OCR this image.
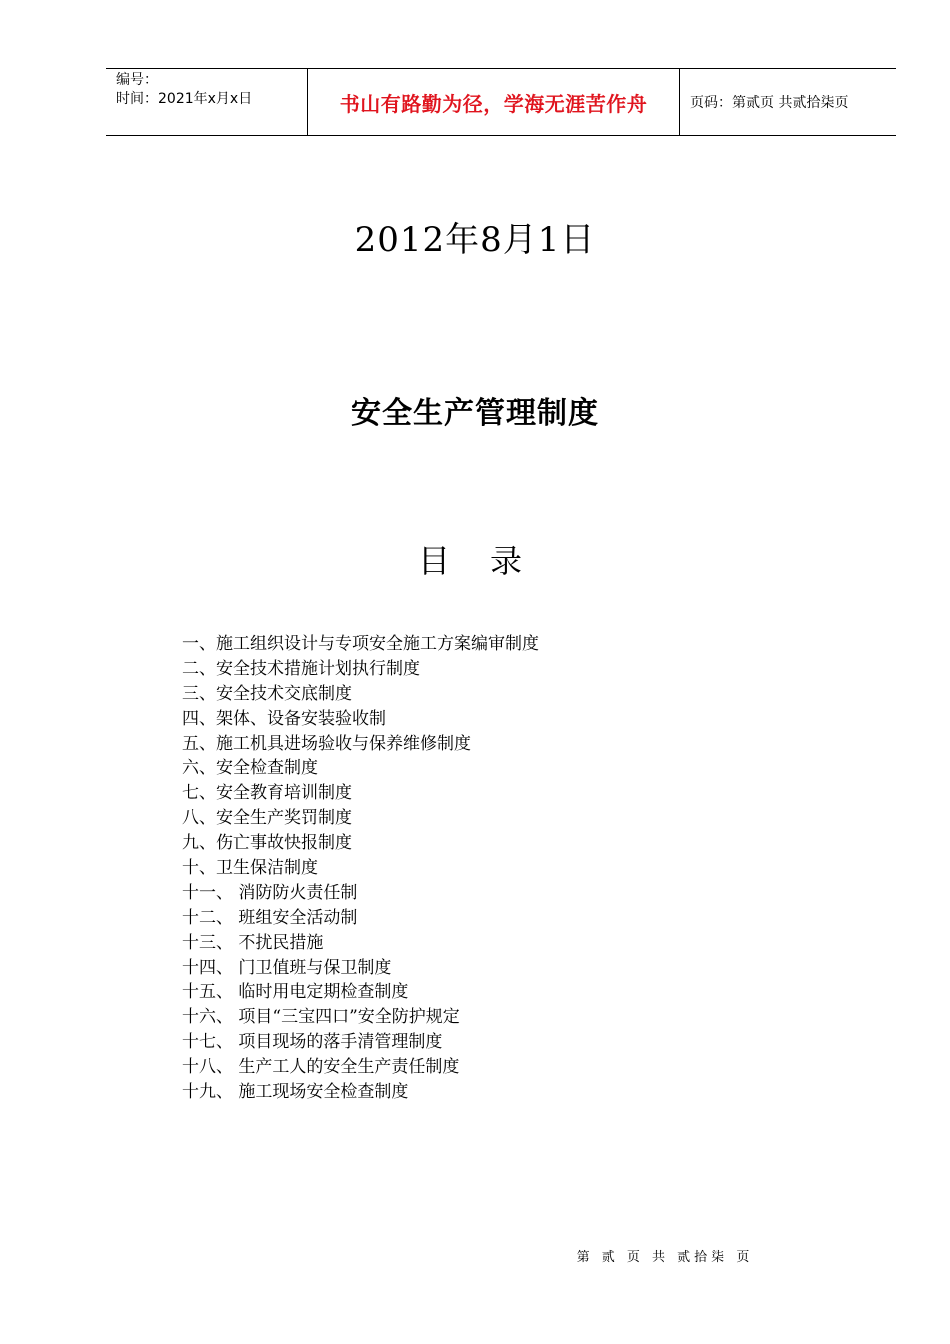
编号：
时间：2021年x月x日	书山有路勤为径，学海无涯苦作舟	页码：第贰页 共贰拾柒页
2012年8月1日
安全生产管理制度
目录
一、施工组织设计与专项安全施工方案编审制度
二、安全技术措施计划执行制度
三、安全技术交底制度
四、架体、设备安装验收制
五、施工机具进场验收与保养维修制度
六、安全检查制度
七、安全教育培训制度
八、安全生产奖罚制度
九、伤亡事故快报制度
十、卫生保洁制度
十一、 消防防火责任制
十二、 班组安全活动制
十三、 不扰民措施
十四、 门卫值班与保卫制度
十五、 临时用电定期检查制度
十六、 项目“三宝四口”安全防护规定
十七、 项目现场的落手清管理制度
十八、 生产工人的安全生产责任制度
十九、 施工现场安全检查制度
第 贰 页 共 贰拾柒 页
